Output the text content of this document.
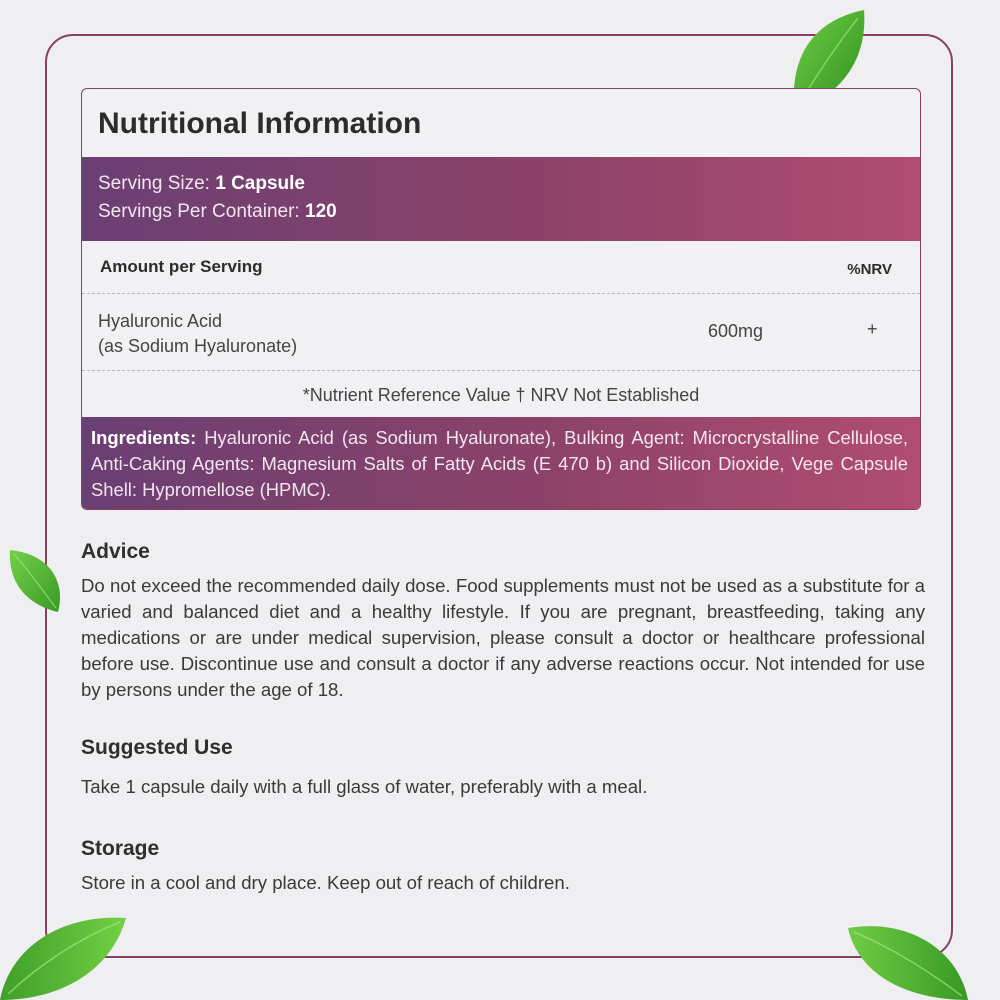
Nutritional Information
Serving Size: 1 Capsule
Servings Per Container: 120
Amount per Serving	%NRV
Hyaluronic Acid
(as Sodium Hyaluronate)
600mg	+
*Nutrient Reference Value † NRV Not Established

Ingredients: Hyaluronic Acid (as Sodium Hyaluronate), Bulking Agent: Microcrystalline Cellulose, Anti-Caking Agents: Magnesium Salts of Fatty Acids (E 470 b) and Silicon Dioxide, Vege Capsule Shell: Hypromellose (HPMC).

Advice

Do not exceed the recommended daily dose. Food supplements must not be used as a substitute for a varied and balanced diet and a healthy lifestyle. If you are pregnant, breastfeeding, taking any medications or are under medical supervision, please consult a doctor or healthcare professional before use. Discontinue use and consult a doctor if any adverse reactions occur. Not intended for use by persons under the age of 18.

Suggested Use

Take 1 capsule daily with a full glass of water, preferably with a meal.

Storage

Store in a cool and dry place. Keep out of reach of children.
